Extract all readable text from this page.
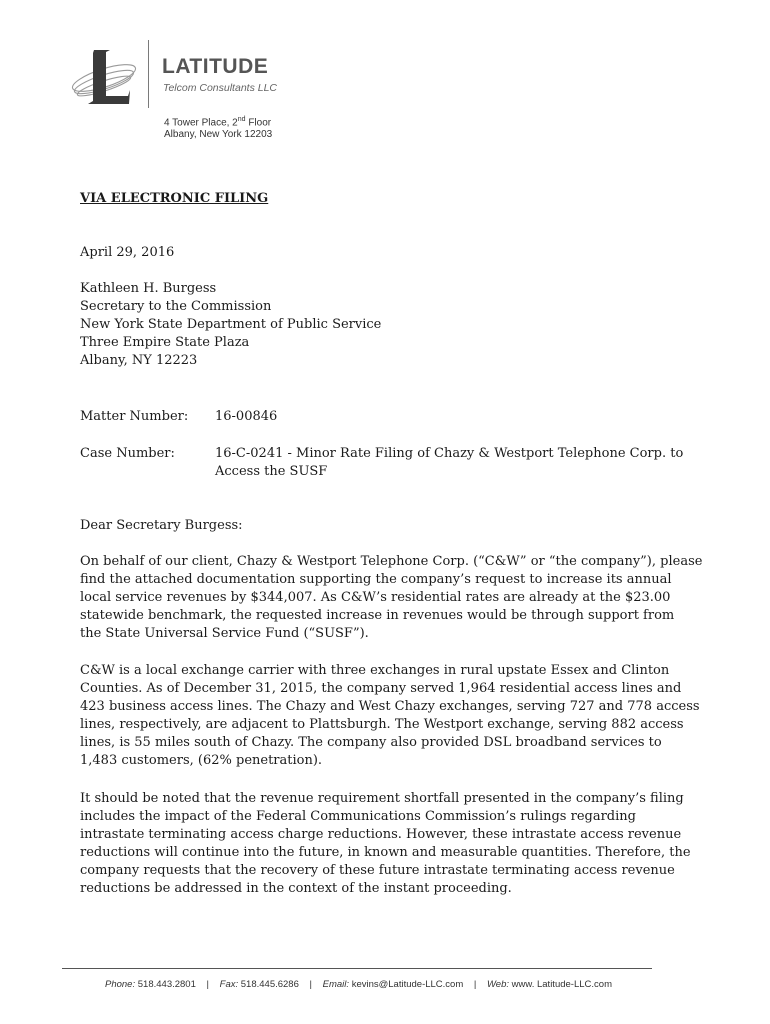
LATITUDE
Telcom Consultants LLC
4 Tower Place, 2nd Floor
Albany, New York 12203
VIA ELECTRONIC FILING
April 29, 2016
Kathleen H. Burgess
Secretary to the Commission
New York State Department of Public Service
Three Empire State Plaza
Albany, NY 12223
Matter Number: 16-00846
Case Number:	16-C-0241 - Minor Rate Filing of Chazy & Westport Telephone Corp. to
Access the SUSF
Dear Secretary Burgess:
On behalf of our client, Chazy & Westport Telephone Corp. (“C&W” or “the company”), please
find the attached documentation supporting the company’s request to increase its annual
local service revenues by $344,007. As C&W’s residential rates are already at the $23.00
statewide benchmark, the requested increase in revenues would be through support from
the State Universal Service Fund (“SUSF”).
C&W is a local exchange carrier with three exchanges in rural upstate Essex and Clinton
Counties. As of December 31, 2015, the company served 1,964 residential access lines and
423 business access lines. The Chazy and West Chazy exchanges, serving 727 and 778 access
lines, respectively, are adjacent to Plattsburgh. The Westport exchange, serving 882 access
lines, is 55 miles south of Chazy. The company also provided DSL broadband services to
1,483 customers, (62% penetration).
It should be noted that the revenue requirement shortfall presented in the company’s filing
includes the impact of the Federal Communications Commission’s rulings regarding
intrastate terminating access charge reductions. However, these intrastate access revenue
reductions will continue into the future, in known and measurable quantities. Therefore, the
company requests that the recovery of these future intrastate terminating access revenue
reductions be addressed in the context of the instant proceeding.
Phone: 518.443.2801 | Fax: 518.445.6286 | Email: kevins@Latitude-LLC.com | Web: www. Latitude-LLC.com
